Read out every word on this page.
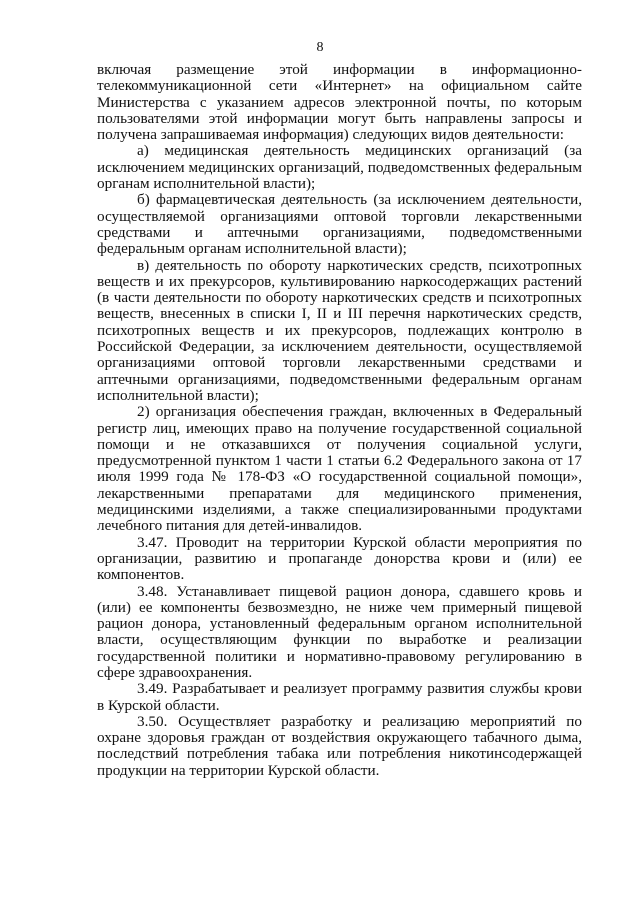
8

включая размещение этой информации в информационно-телекоммуникационной сети «Интернет» на официальном сайте Министерства с указанием адресов электронной почты, по которым пользователями этой информации могут быть направлены запросы и получена запрашиваемая информация) следующих видов деятельности:

а) медицинская деятельность медицинских организаций (за исключением медицинских организаций, подведомственных федеральным органам исполнительной власти);

б) фармацевтическая деятельность (за исключением деятельности, осуществляемой организациями оптовой торговли лекарственными средствами и аптечными организациями, подведомственными федеральным органам исполнительной власти);

в) деятельность по обороту наркотических средств, психотропных веществ и их прекурсоров, культивированию наркосодержащих растений (в части деятельности по обороту наркотических средств и психотропных веществ, внесенных в списки I, II и III перечня наркотических средств, психотропных веществ и их прекурсоров, подлежащих контролю в Российской Федерации, за исключением деятельности, осуществляемой организациями оптовой торговли лекарственными средствами и аптечными организациями, подведомственными федеральным органам исполнительной власти);

2) организация обеспечения граждан, включенных в Федеральный регистр лиц, имеющих право на получение государственной социальной помощи и не отказавшихся от получения социальной услуги, предусмотренной пунктом 1 части 1 статьи 6.2 Федерального закона от 17 июля 1999 года № 178-ФЗ «О государственной социальной помощи», лекарственными препаратами для медицинского применения, медицинскими изделиями, а также специализированными продуктами лечебного питания для детей-инвалидов.

3.47. Проводит на территории Курской области мероприятия по организации, развитию и пропаганде донорства крови и (или) ее компонентов.

3.48. Устанавливает пищевой рацион донора, сдавшего кровь и (или) ее компоненты безвозмездно, не ниже чем примерный пищевой рацион донора, установленный федеральным органом исполнительной власти, осуществляющим функции по выработке и реализации государственной политики и нормативно-правовому регулированию в сфере здравоохранения.

3.49. Разрабатывает и реализует программу развития службы крови в Курской области.

3.50. Осуществляет разработку и реализацию мероприятий по охране здоровья граждан от воздействия окружающего табачного дыма, последствий потребления табака или потребления никотинсодержащей продукции на территории Курской области.
